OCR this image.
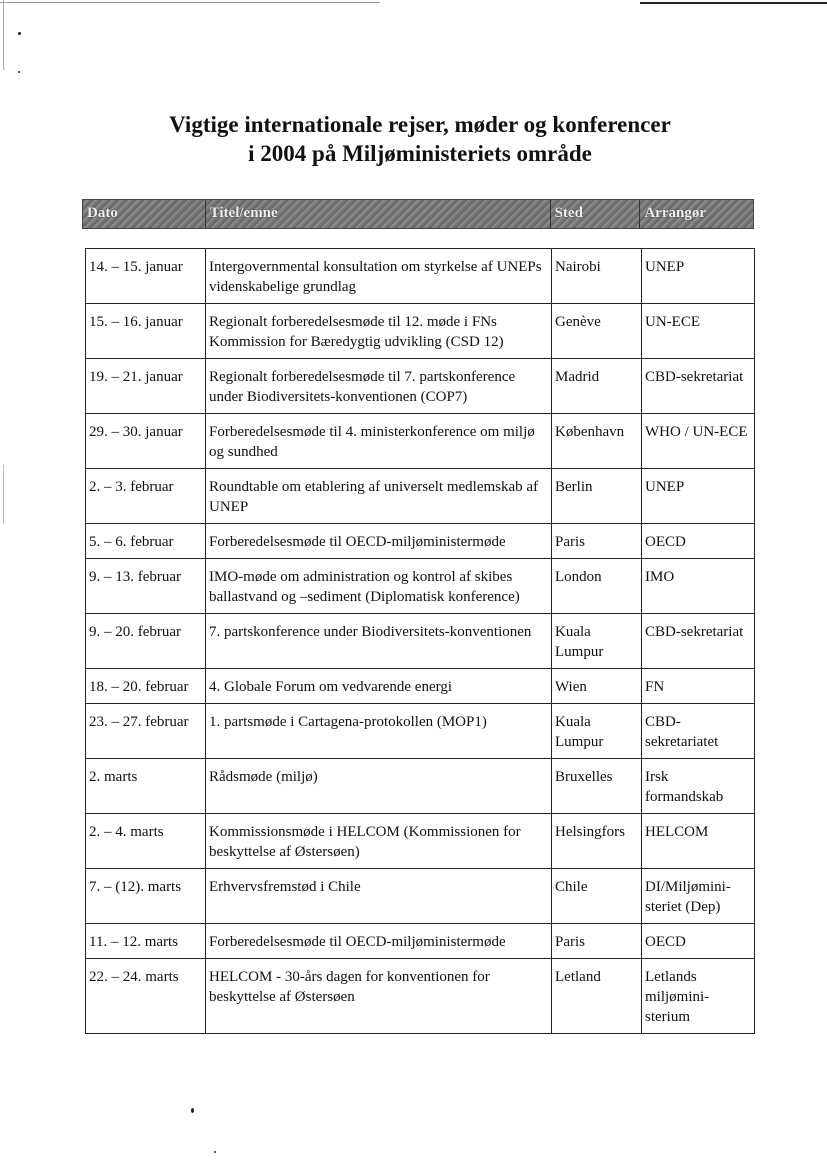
Vigtige internationale rejser, møder og konferencer
i 2004 på Miljøministeriets område
Dato	Titel/emne	Sted	Arrangør
14. – 15. januar	Intergovernmental konsultation om styrkelse af UNEPs videnskabelige grundlag	Nairobi	UNEP
15. – 16. januar	Regionalt forberedelsesmøde til 12. møde i FNs Kommission for Bæredygtig udvikling (CSD 12)	Genève	UN-ECE
19. – 21. januar	Regionalt forberedelsesmøde til 7. partskonference under Biodiversitets-konventionen (COP7)	Madrid	CBD-sekretariat
29. – 30. januar	Forberedelsesmøde til 4. ministerkonference om miljø og sundhed	København	WHO / UN-ECE
2. – 3. februar	Roundtable om etablering af universelt medlemskab af UNEP	Berlin	UNEP
5. – 6. februar	Forberedelsesmøde til OECD-miljøministermøde	Paris	OECD
9. – 13. februar	IMO-møde om administration og kontrol af skibes ballastvand og –sediment (Diplomatisk konference)	London	IMO
9. – 20. februar	7. partskonference under Biodiversitets-konventionen	Kuala Lumpur	CBD-sekretariat
18. – 20. februar	4. Globale Forum om vedvarende energi	Wien	FN
23. – 27. februar	1. partsmøde i Cartagena-protokollen (MOP1)	Kuala Lumpur	CBD-sekretariatet
2. marts	Rådsmøde (miljø)	Bruxelles	Irsk formandskab
2. – 4. marts	Kommissionsmøde i HELCOM (Kommissionen for beskyttelse af Østersøen)	Helsingfors	HELCOM
7. – (12). marts	Erhvervsfremstød i Chile	Chile	DI/Miljømini-steriet (Dep)
11. – 12. marts	Forberedelsesmøde til OECD-miljøministermøde	Paris	OECD
22. – 24. marts	HELCOM - 30-års dagen for konventionen for beskyttelse af Østersøen	Letland	Letlands miljømini-sterium
